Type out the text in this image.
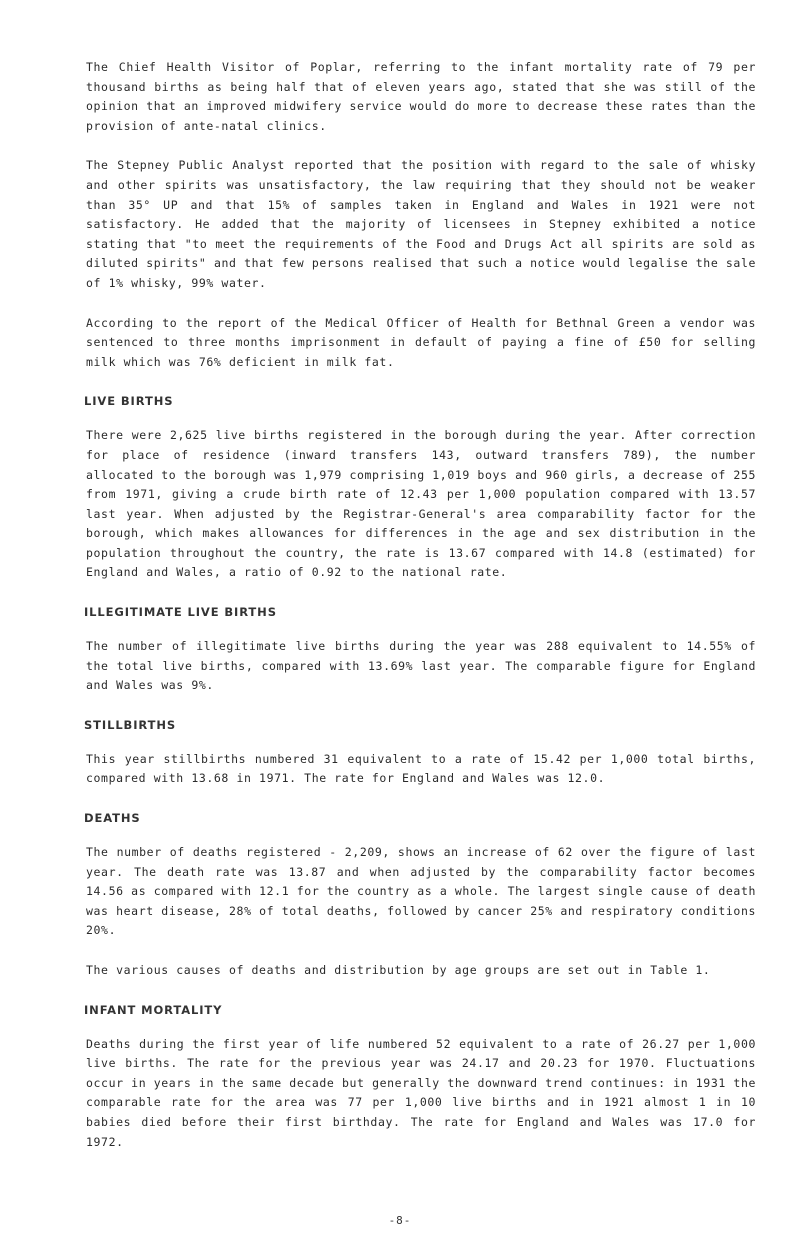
The Chief Health Visitor of Poplar, referring to the infant mortality rate of 79 per thousand births as being half that of eleven years ago, stated that she was still of the opinion that an improved midwifery service would do more to decrease these rates than the provision of ante-natal clinics.

The Stepney Public Analyst reported that the position with regard to the sale of whisky and other spirits was unsatisfactory, the law requiring that they should not be weaker than 35° UP and that 15% of samples taken in England and Wales in 1921 were not satisfactory. He added that the majority of licensees in Stepney exhibited a notice stating that "to meet the requirements of the Food and Drugs Act all spirits are sold as diluted spirits" and that few persons realised that such a notice would legalise the sale of 1% whisky, 99% water.

According to the report of the Medical Officer of Health for Bethnal Green a vendor was sentenced to three months imprisonment in default of paying a fine of £50 for selling milk which was 76% deficient in milk fat.

LIVE BIRTHS

There were 2,625 live births registered in the borough during the year. After correction for place of residence (inward transfers 143, outward transfers 789), the number allocated to the borough was 1,979 comprising 1,019 boys and 960 girls, a decrease of 255 from 1971, giving a crude birth rate of 12.43 per 1,000 population compared with 13.57 last year. When adjusted by the Registrar-General's area comparability factor for the borough, which makes allowances for differences in the age and sex distribution in the population throughout the country, the rate is 13.67 compared with 14.8 (estimated) for England and Wales, a ratio of 0.92 to the national rate.

ILLEGITIMATE LIVE BIRTHS

The number of illegitimate live births during the year was 288 equivalent to 14.55% of the total live births, compared with 13.69% last year. The comparable figure for England and Wales was 9%.

STILLBIRTHS

This year stillbirths numbered 31 equivalent to a rate of 15.42 per 1,000 total births, compared with 13.68 in 1971. The rate for England and Wales was 12.0.

DEATHS

The number of deaths registered - 2,209, shows an increase of 62 over the figure of last year. The death rate was 13.87 and when adjusted by the comparability factor becomes 14.56 as compared with 12.1 for the country as a whole. The largest single cause of death was heart disease, 28% of total deaths, followed by cancer 25% and respiratory conditions 20%.

The various causes of deaths and distribution by age groups are set out in Table 1.

INFANT MORTALITY

Deaths during the first year of life numbered 52 equivalent to a rate of 26.27 per 1,000 live births. The rate for the previous year was 24.17 and 20.23 for 1970. Fluctuations occur in years in the same decade but generally the downward trend continues: in 1931 the comparable rate for the area was 77 per 1,000 live births and in 1921 almost 1 in 10 babies died before their first birthday. The rate for England and Wales was 17.0 for 1972.

-8-
